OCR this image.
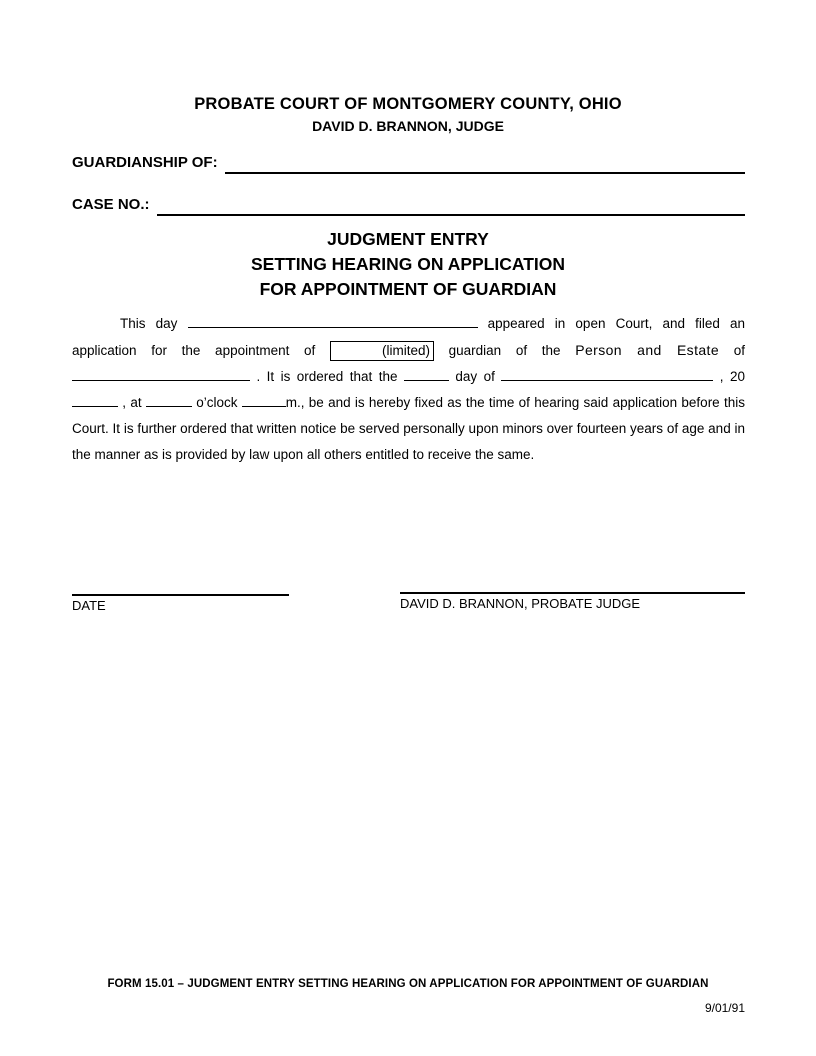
PROBATE COURT OF MONTGOMERY COUNTY, OHIO
DAVID D. BRANNON, JUDGE
GUARDIANSHIP OF:
CASE NO.:
JUDGMENT ENTRY
SETTING HEARING ON APPLICATION
FOR APPOINTMENT OF GUARDIAN
This day	appeared in open Court, and filed an application for the appointment of	(limited) guardian of the Person and Estate of  . It is ordered that the	day of	, 20  , at	o’clock	m., be and is hereby fixed as the time of hearing said application before this Court. It is further ordered that written notice be served personally upon minors over fourteen years of age and in the manner as is provided by law upon all others entitled to receive the same.
DATE	DAVID D. BRANNON, PROBATE JUDGE
FORM 15.01 – JUDGMENT ENTRY SETTING HEARING ON APPLICATION FOR APPOINTMENT OF GUARDIAN
9/01/91
